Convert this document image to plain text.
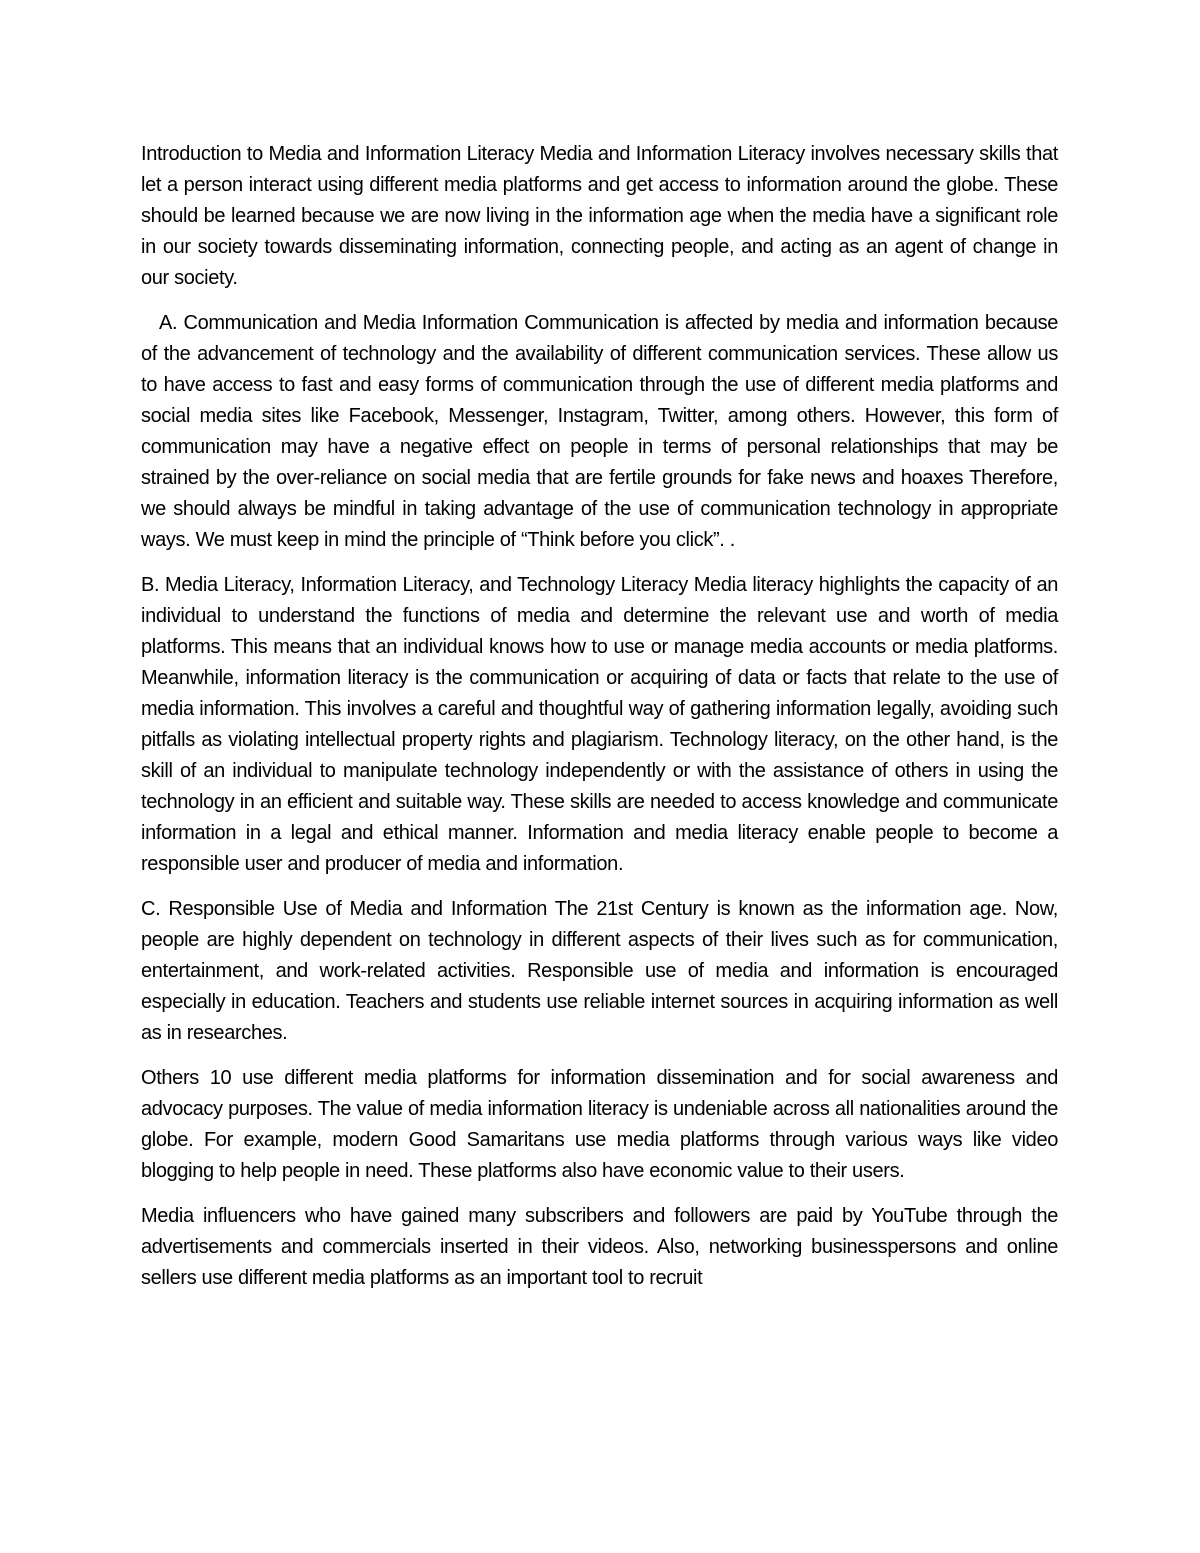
Introduction to Media and Information Literacy Media and Information Literacy involves necessary skills that let a person interact using different media platforms and get access to information around the globe. These should be learned because we are now living in the information age when the media have a significant role in our society towards disseminating information, connecting people, and acting as an agent of change in our society.

A. Communication and Media Information Communication is affected by media and information because of the advancement of technology and the availability of different communication services. These allow us to have access to fast and easy forms of communication through the use of different media platforms and social media sites like Facebook, Messenger, Instagram, Twitter, among others. However, this form of communication may have a negative effect on people in terms of personal relationships that may be strained by the over-reliance on social media that are fertile grounds for fake news and hoaxes Therefore, we should always be mindful in taking advantage of the use of communication technology in appropriate ways. We must keep in mind the principle of “Think before you click”. .

B. Media Literacy, Information Literacy, and Technology Literacy Media literacy highlights the capacity of an individual to understand the functions of media and determine the relevant use and worth of media platforms. This means that an individual knows how to use or manage media accounts or media platforms. Meanwhile, information literacy is the communication or acquiring of data or facts that relate to the use of media information. This involves a careful and thoughtful way of gathering information legally, avoiding such pitfalls as violating intellectual property rights and plagiarism. Technology literacy, on the other hand, is the skill of an individual to manipulate technology independently or with the assistance of others in using the technology in an efficient and suitable way. These skills are needed to access knowledge and communicate information in a legal and ethical manner. Information and media literacy enable people to become a responsible user and producer of media and information.

C. Responsible Use of Media and Information The 21st Century is known as the information age. Now, people are highly dependent on technology in different aspects of their lives such as for communication, entertainment, and work-related activities. Responsible use of media and information is encouraged especially in education. Teachers and students use reliable internet sources in acquiring information as well as in researches.

Others 10 use different media platforms for information dissemination and for social awareness and advocacy purposes. The value of media information literacy is undeniable across all nationalities around the globe. For example, modern Good Samaritans use media platforms through various ways like video blogging to help people in need. These platforms also have economic value to their users.

Media influencers who have gained many subscribers and followers are paid by YouTube through the advertisements and commercials inserted in their videos. Also, networking businesspersons and online sellers use different media platforms as an important tool to recruit
